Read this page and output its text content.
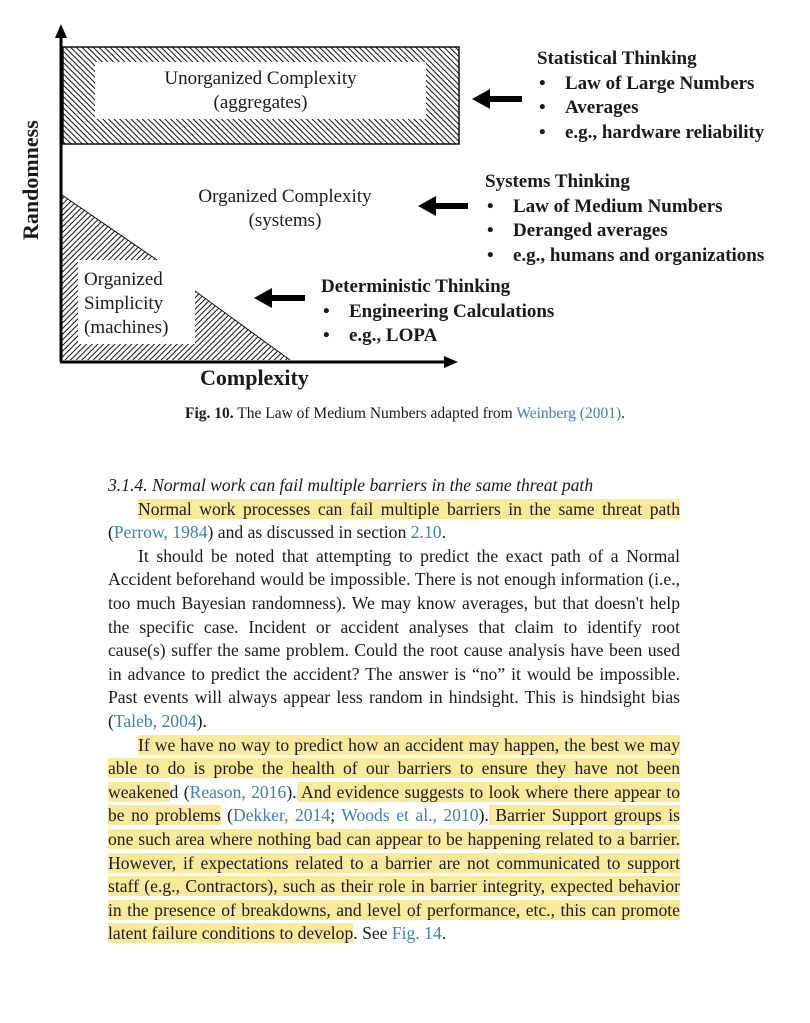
Randomness
Complexity
Unorganized Complexity
(aggregates)
Organized Complexity
(systems)
Organized
Simplicity
(machines)
Statistical Thinking
• Law of Large Numbers
• Averages
• e.g., hardware reliability
Systems Thinking
• Law of Medium Numbers
• Deranged averages
• e.g., humans and organizations
Deterministic Thinking
• Engineering Calculations
• e.g., LOPA
Fig. 10. The Law of Medium Numbers adapted from Weinberg (2001).

3.1.4. Normal work can fail multiple barriers in the same threat path

Normal work processes can fail multiple barriers in the same threat path (Perrow, 1984) and as discussed in section 2.10.

It should be noted that attempting to predict the exact path of a Normal Accident beforehand would be impossible. There is not enough information (i.e., too much Bayesian randomness). We may know averages, but that doesn't help the specific case. Incident or accident analyses that claim to identify root cause(s) suffer the same problem. Could the root cause analysis have been used in advance to predict the accident? The answer is “no” it would be impossible. Past events will always appear less random in hindsight. This is hindsight bias (Taleb, 2004).

If we have no way to predict how an accident may happen, the best we may able to do is probe the health of our barriers to ensure they have not been weakened (Reason, 2016). And evidence suggests to look where there appear to be no problems (Dekker, 2014; Woods et al., 2010). Barrier Support groups is one such area where nothing bad can appear to be happening related to a barrier. However, if expectations related to a barrier are not communicated to support staff (e.g., Contractors), such as their role in barrier integrity, expected behavior in the presence of breakdowns, and level of performance, etc., this can promote latent failure conditions to develop. See Fig. 14.
